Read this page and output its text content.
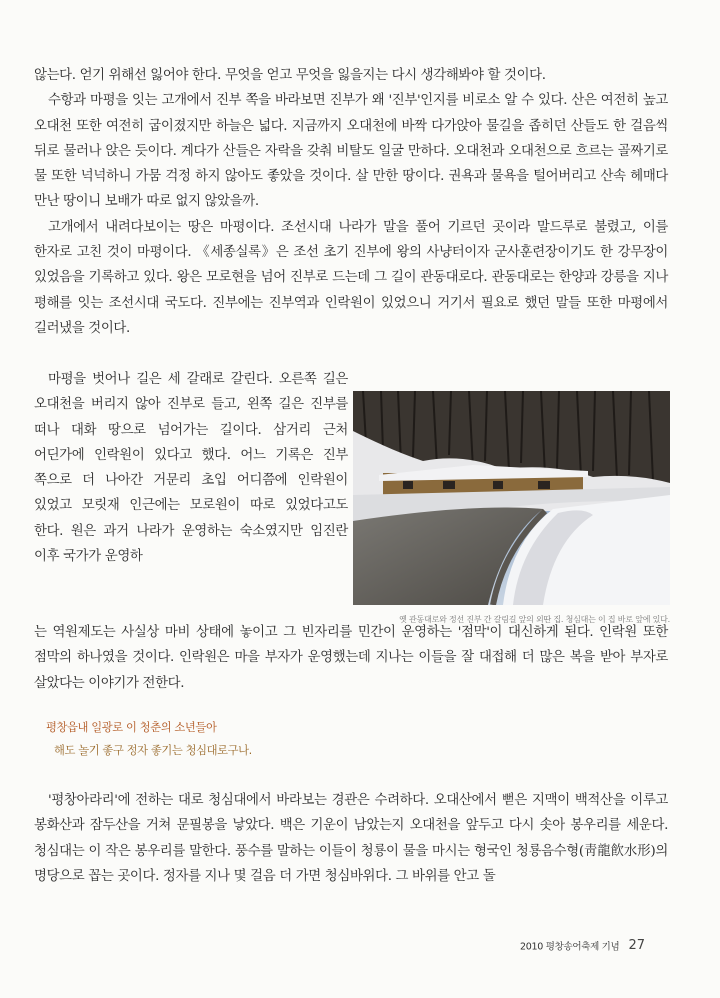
않는다. 얻기 위해선 잃어야 한다. 무엇을 얻고 무엇을 잃을지는 다시 생각해봐야 할 것이다.

수항과 마평을 잇는 고개에서 진부 쪽을 바라보면 진부가 왜 '진부'인지를 비로소 알 수 있다. 산은 여전히 높고 오대천 또한 여전히 굽이졌지만 하늘은 넓다. 지금까지 오대천에 바짝 다가앉아 물길을 좁히던 산들도 한 걸음씩 뒤로 물러나 앉은 듯이다. 계다가 산들은 자락을 갖춰 비탈도 일굴 만하다. 오대천과 오대천으로 흐르는 골짜기로 물 또한 넉넉하니 가뭄 걱정 하지 않아도 좋았을 것이다. 살 만한 땅이다. 권욕과 물욕을 털어버리고 산속 헤매다 만난 땅이니 보배가 따로 없지 않았을까.

고개에서 내려다보이는 땅은 마평이다. 조선시대 나라가 말을 풀어 기르던 곳이라 말드루로 불렸고, 이를 한자로 고친 것이 마평이다. 《세종실록》은 조선 초기 진부에 왕의 사냥터이자 군사훈련장이기도 한 강무장이 있었음을 기록하고 있다. 왕은 모로현을 넘어 진부로 드는데 그 길이 관동대로다. 관동대로는 한양과 강릉을 지나 평해를 잇는 조선시대 국도다. 진부에는 진부역과 인락원이 있었으니 거기서 필요로 했던 말들 또한 마평에서 길러냈을 것이다.

마평을 벗어나 길은 세 갈래로 갈린다. 오른쪽 길은 오대천을 버리지 않아 진부로 들고, 왼쪽 길은 진부를 떠나 대화 땅으로 넘어가는 길이다. 삼거리 근처 어딘가에 인락원이 있다고 했다. 어느 기록은 진부 쪽으로 더 나아간 거문리 초입 어디쯤에 인락원이 있었고 모릿재 인근에는 모로원이 따로 있었다고도 한다. 원은 과거 나라가 운영하는 숙소였지만 임진란 이후 국가가 운영하

옛 관동대로와 정선 진부 간 갈림길 앞의 외딴 집. 청심대는 이 집 바로 앞에 있다.

는 역원제도는 사실상 마비 상태에 놓이고 그 빈자리를 민간이 운영하는 '점막'이 대신하게 된다. 인락원 또한 점막의 하나였을 것이다. 인락원은 마을 부자가 운영했는데 지나는 이들을 잘 대접해 더 많은 복을 받아 부자로 살았다는 이야기가 전한다.

평창읍내 일광로 이 청춘의 소년들아
해도 놀기 좋구 정자 좋기는 청심대로구나.

'평창아라리'에 전하는 대로 청심대에서 바라보는 경관은 수려하다. 오대산에서 뻗은 지맥이 백적산을 이루고 봉화산과 잠두산을 거쳐 문필봉을 낳았다. 백은 기운이 남았는지 오대천을 앞두고 다시 솟아 봉우리를 세운다. 청심대는 이 작은 봉우리를 말한다. 풍수를 말하는 이들이 청룡이 물을 마시는 형국인 청룡음수형(靑龍飮水形)의 명당으로 꼽는 곳이다. 정자를 지나 몇 걸음 더 가면 청심바위다. 그 바위를 안고 돌

2010 평창송어축제 기념 27
